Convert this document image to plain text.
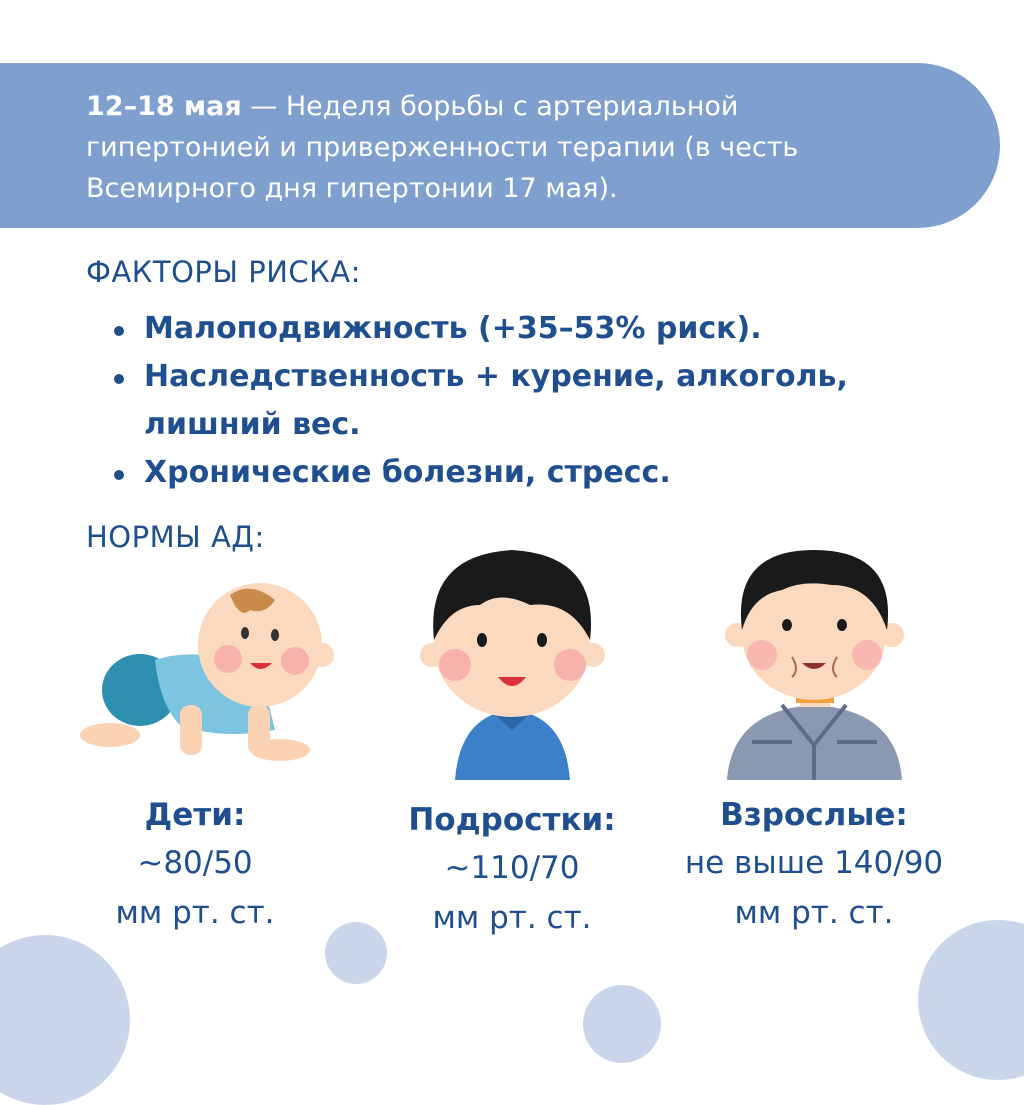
12–18 мая — Неделя борьбы с артериальной гипертонией и приверженности терапии (в честь Всемирного дня гипертонии 17 мая).
ФАКТОРЫ РИСКА:
Малоподвижность (+35–53% риск).
Наследственность + курение, алкоголь, лишний вес.
Хронические болезни, стресс.
НОРМЫ АД:
Дети:
~80/50
мм рт. ст.
Подростки:
~110/70
мм рт. ст.
Взрослые:
не выше 140/90
мм рт. ст.
